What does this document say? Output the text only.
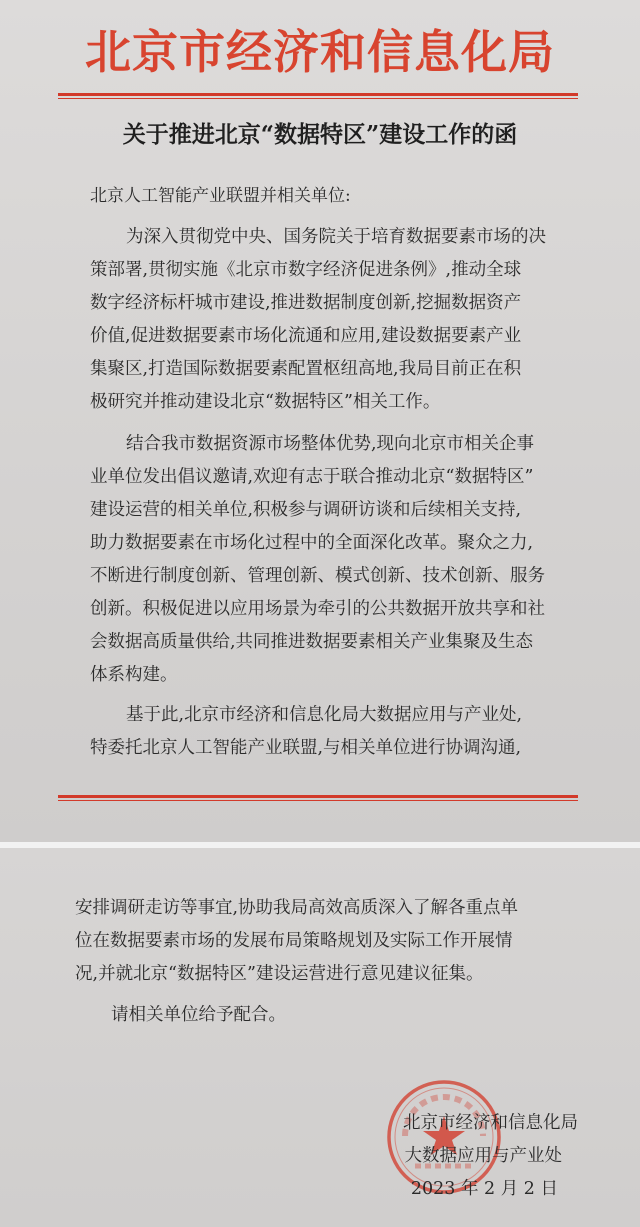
北京市经济和信息化局
关于推进北京“数据特区”建设工作的函
北京人工智能产业联盟并相关单位:
为深入贯彻党中央、国务院关于培育数据要素市场的决
策部署,贯彻实施《北京市数字经济促进条例》,推动全球
数字经济标杆城市建设,推进数据制度创新,挖掘数据资产
价值,促进数据要素市场化流通和应用,建设数据要素产业
集聚区,打造国际数据要素配置枢纽高地,我局目前正在积
极研究并推动建设北京“数据特区”相关工作。
结合我市数据资源市场整体优势,现向北京市相关企事
业单位发出倡议邀请,欢迎有志于联合推动北京“数据特区”
建设运营的相关单位,积极参与调研访谈和后续相关支持,
助力数据要素在市场化过程中的全面深化改革。聚众之力,
不断进行制度创新、管理创新、模式创新、技术创新、服务
创新。积极促进以应用场景为牵引的公共数据开放共享和社
会数据高质量供给,共同推进数据要素相关产业集聚及生态
体系构建。
基于此,北京市经济和信息化局大数据应用与产业处,
特委托北京人工智能产业联盟,与相关单位进行协调沟通,
安排调研走访等事宜,协助我局高效高质深入了解各重点单
位在数据要素市场的发展布局策略规划及实际工作开展情
况,并就北京“数据特区”建设运营进行意见建议征集。
请相关单位给予配合。
北京市经济和信息化局
大数据应用与产业处
2023 年 2 月 2 日
